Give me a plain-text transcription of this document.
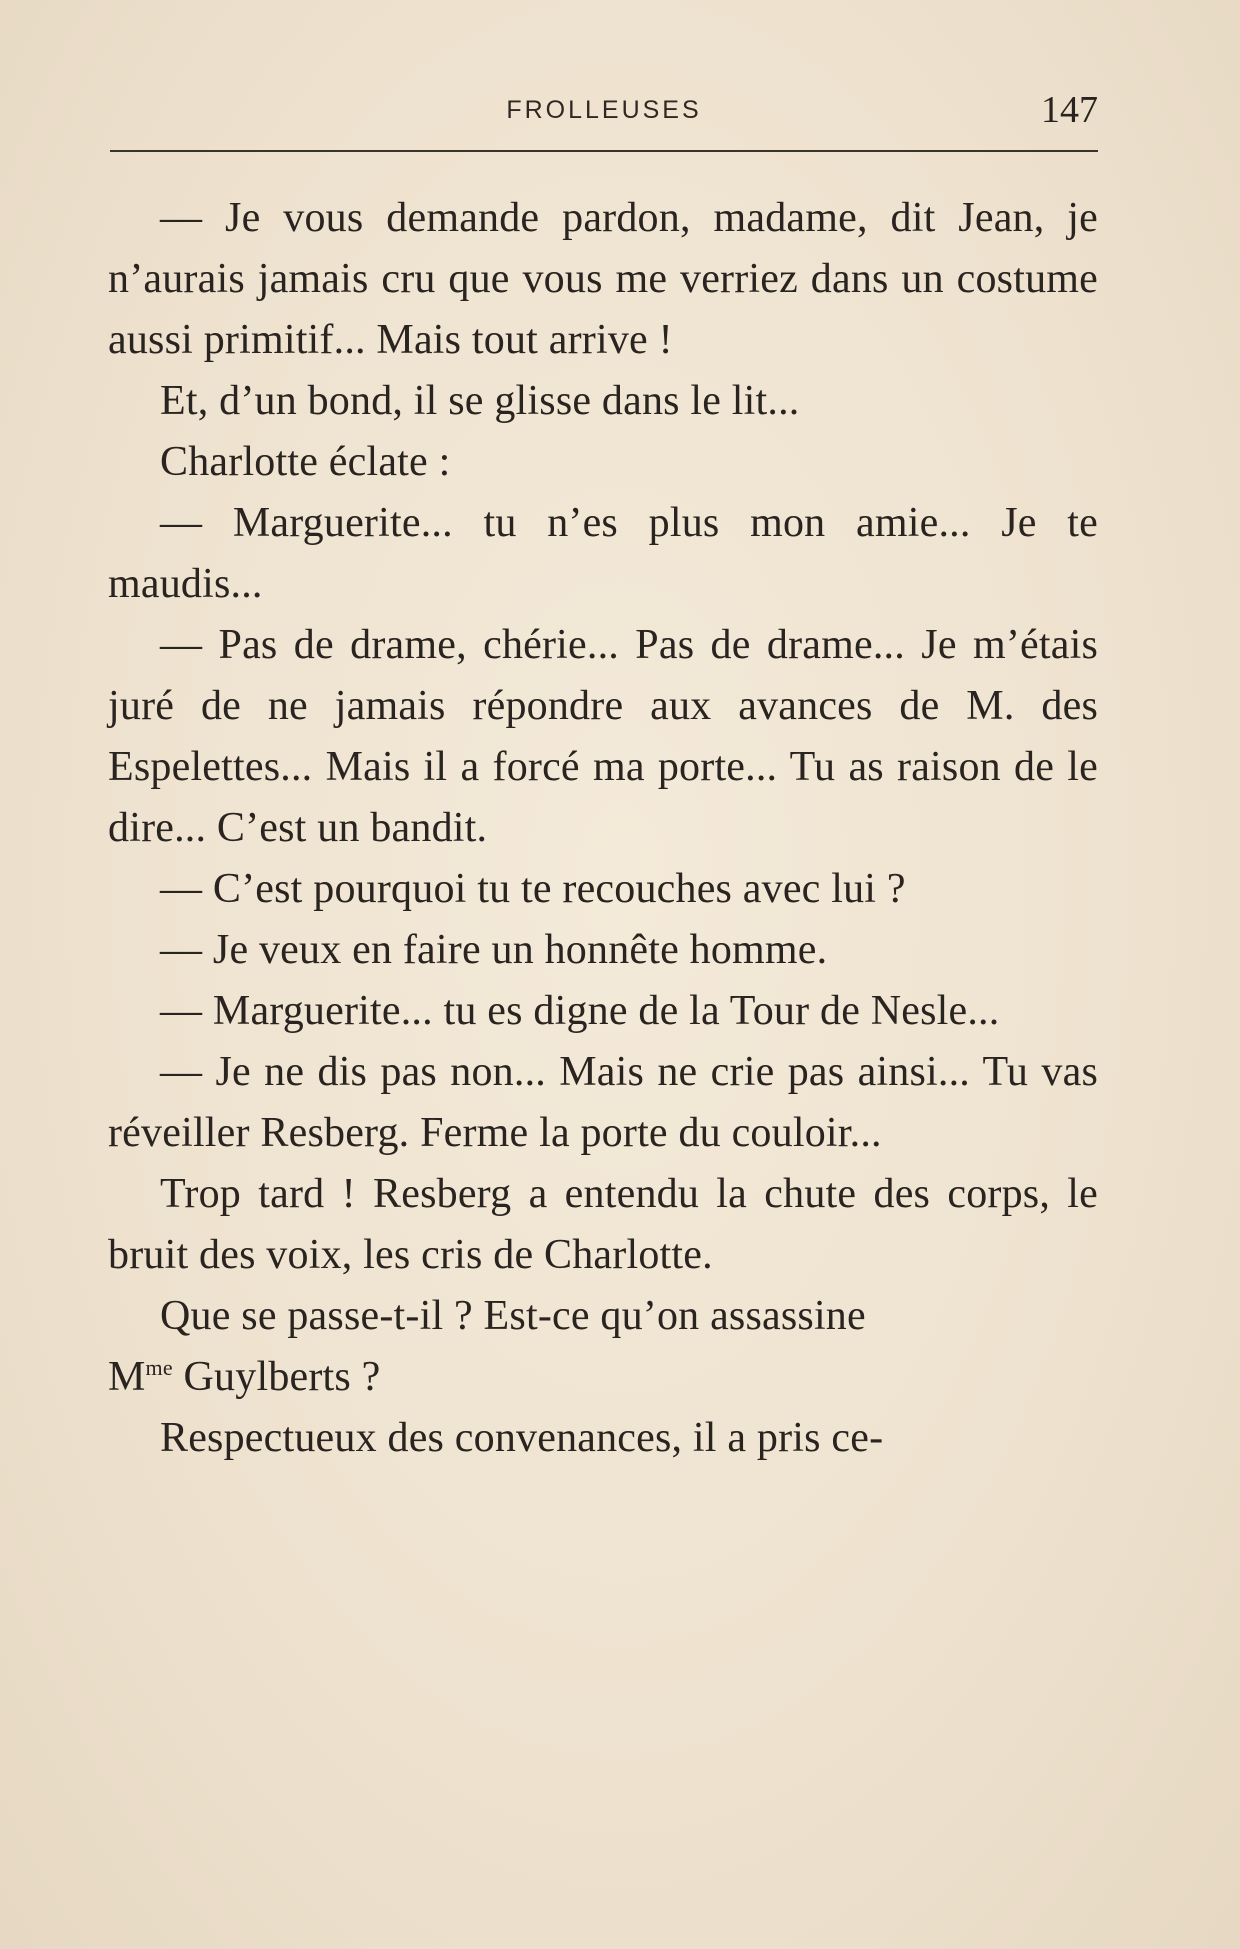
FROLLEUSES	147

— Je vous demande pardon, madame, dit Jean, je n’aurais jamais cru que vous me verriez dans un costume aussi primitif... Mais tout arrive !

Et, d’un bond, il se glisse dans le lit...

Charlotte éclate :

— Marguerite... tu n’es plus mon amie... Je te maudis...

— Pas de drame, chérie... Pas de drame... Je m’étais juré de ne jamais répondre aux avances de M. des Espelettes... Mais il a forcé ma porte... Tu as raison de le dire... C’est un bandit.

— C’est pourquoi tu te recouches avec lui ?

— Je veux en faire un honnête homme.

— Marguerite... tu es digne de la Tour de Nesle...

— Je ne dis pas non... Mais ne crie pas ainsi... Tu vas réveiller Resberg. Ferme la porte du couloir...

Trop tard ! Resberg a entendu la chute des corps, le bruit des voix, les cris de Charlotte.

Que se passe-t-il ? Est-ce qu’on assassine
$M^{me}$ Guylberts ?

Respectueux des convenances, il a pris ce-
